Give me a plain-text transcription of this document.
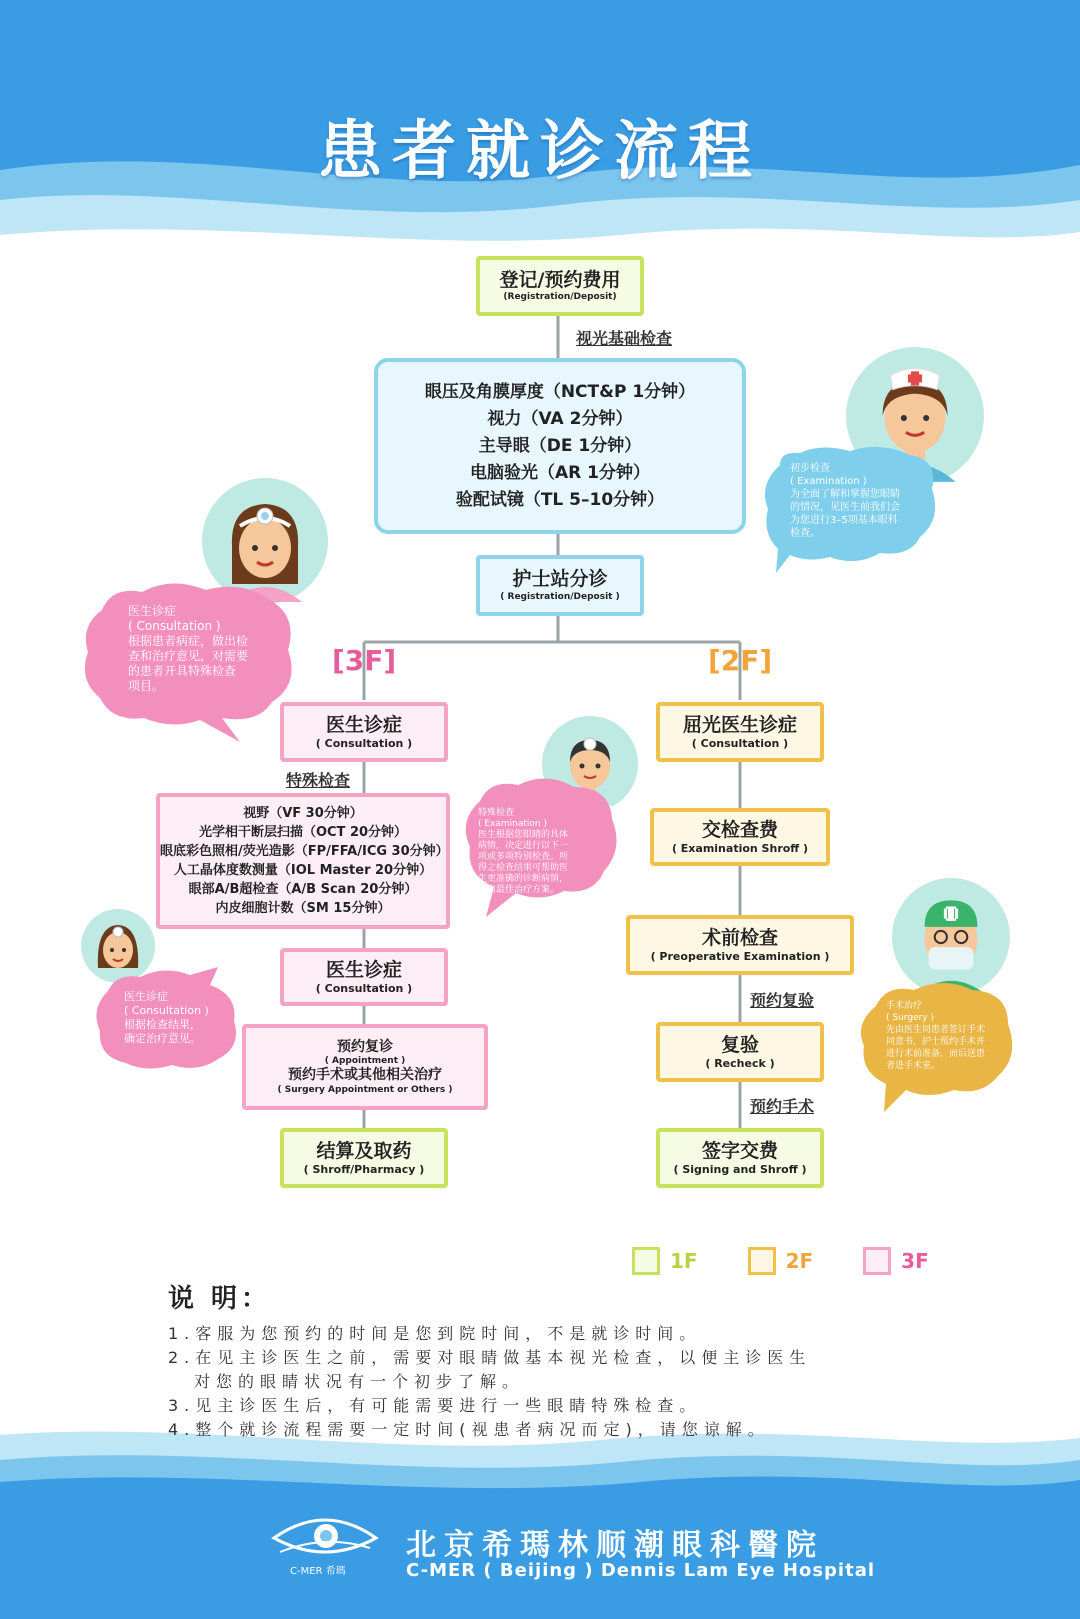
患者就诊流程
登记/预约费用
(Registration/Deposit)
视光基础检查
眼压及角膜厚度（NCT&P 1分钟）
视力（VA 2分钟）
主导眼（DE 1分钟）
电脑验光（AR 1分钟）
验配试镜（TL 5–10分钟）
护士站分诊
( Registration/Deposit )
[3F]	[2F]
医生诊症
( Consultation )
特殊检查
视野（VF 30分钟）
光学相干断层扫描（OCT 20分钟）
眼底彩色照相/荧光造影（FP/FFA/ICG 30分钟）
人工晶体度数测量（IOL Master 20分钟）
眼部A/B超检查（A/B Scan 20分钟）
内皮细胞计数（SM 15分钟）
医生诊症
( Consultation )
预约复诊
( Appointment )
预约手术或其他相关治疗
( Surgery Appointment or Others )
结算及取药
( Shroff/Pharmacy )
屈光医生诊症
( Consultation )
交检查费
( Examination Shroff )
术前检查
( Preoperative Examination )
预约复验
复验
( Recheck )
预约手术
签字交费
( Signing and Shroff )
初步检查
( Examination )
为全面了解和掌握您眼睛
的情况，见医生前我们会
为您进行3–5项基本眼科
检查。
医生诊症
( Consultation )
根据患者病症，做出检
查和治疗意见，对需要
的患者开具特殊检查
项目。
特殊检查
( Examination )
医生根据您眼睛的具体
病情，决定进行以下一
项或多项特别检查。所
得之检查结果可帮助医
生更准确的诊断病情，
拟出最佳治疗方案。
医生诊症
( Consultation )
根据检查结果，
确定治疗意见。
手术治疗
( Surgery )
先由医生同患者签订手术
同意书，护士预约手术并
进行术前准备，而后送患
者进手术室。
1F	2F	3F
说 明：
1.客服为您预约的时间是您到院时间，不是就诊时间。
2.在见主诊医生之前，需要对眼睛做基本视光检查，以便主诊医生
对您的眼睛状况有一个初步了解。
3.见主诊医生后，有可能需要进行一些眼睛特殊检查。
4.整个就诊流程需要一定时间(视患者病况而定)，请您谅解。
C-MER 希瑪
北京希瑪林顺潮眼科醫院
C-MER ( Beijing ) Dennis Lam Eye Hospital
